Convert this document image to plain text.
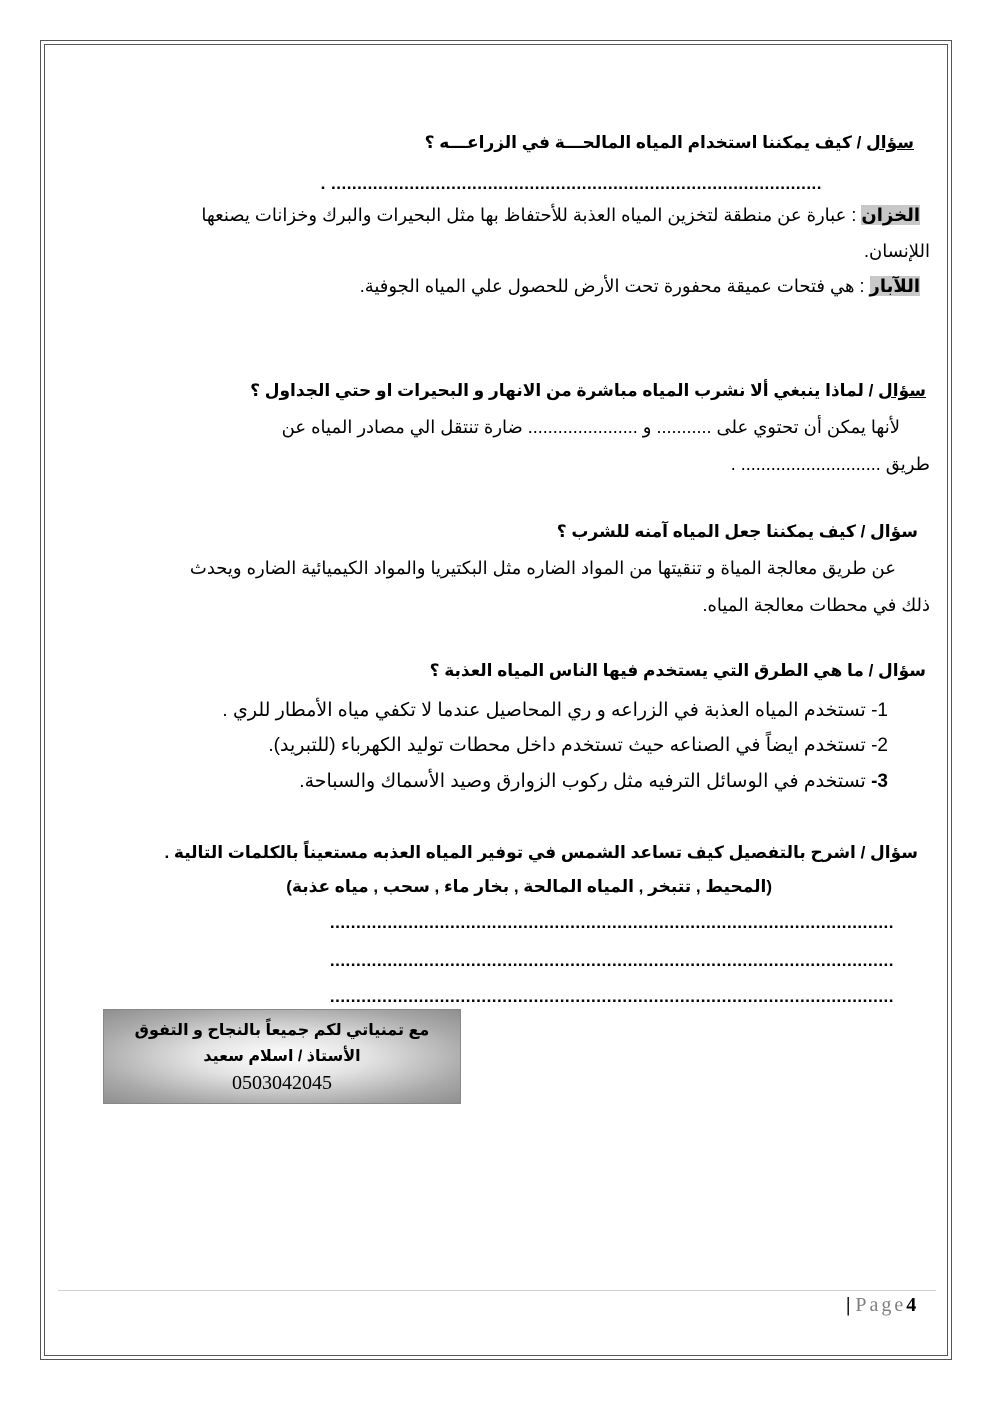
سؤال / كيف يمكننا استخدام المياه المالحـــة في الزراعـــه ؟
.............................................................................................. .
الخزان : عبارة عن منطقة لتخزين المياه العذبة للأحتفاظ بها مثل البحيرات والبرك وخزانات يصنعها
اللإنسان.
اللآبار : هي فتحات عميقة محفورة تحت الأرض للحصول علي المياه الجوفية.
سؤال / لماذا ينبغي ألا نشرب المياه مباشرة من الانهار و البحيرات او حتي الجداول ؟
لأنها يمكن أن تحتوي على ........... و ...................... ضارة تنتقل الي مصادر المياه عن
طريق ............................ .
سؤال / كيف يمكننا جعل المياه آمنه للشرب ؟
عن طريق معالجة المياة و تنقيتها من المواد الضاره مثل البكتيريا والمواد الكيميائية الضاره ويحدث
ذلك في محطات معالجة المياه.
سؤال / ما هي الطرق التي يستخدم فيها الناس المياه العذبة ؟
1- تستخدم المياه العذبة في الزراعه و ري المحاصيل عندما لا تكفي مياه الأمطار للري .
2- تستخدم ايضاً في الصناعه حيث تستخدم داخل محطات توليد الكهرباء (للتبريد).
3- تستخدم في الوسائل الترفيه مثل ركوب الزوارق وصيد الأسماك والسباحة.
سؤال / اشرح بالتفصيل كيف تساعد الشمس في توفير المياه العذبه مستعيناً بالكلمات التالية .
(المحيط , تتبخر , المياه المالحة , بخار ماء , سحب , مياه عذبة)
............................................................................................................
............................................................................................................
............................................................................................................
مع تمنياتي لكم جميعاً بالنجاح و التفوق
الأستاذ / اسلام سعيد
0503042045
| Page4
